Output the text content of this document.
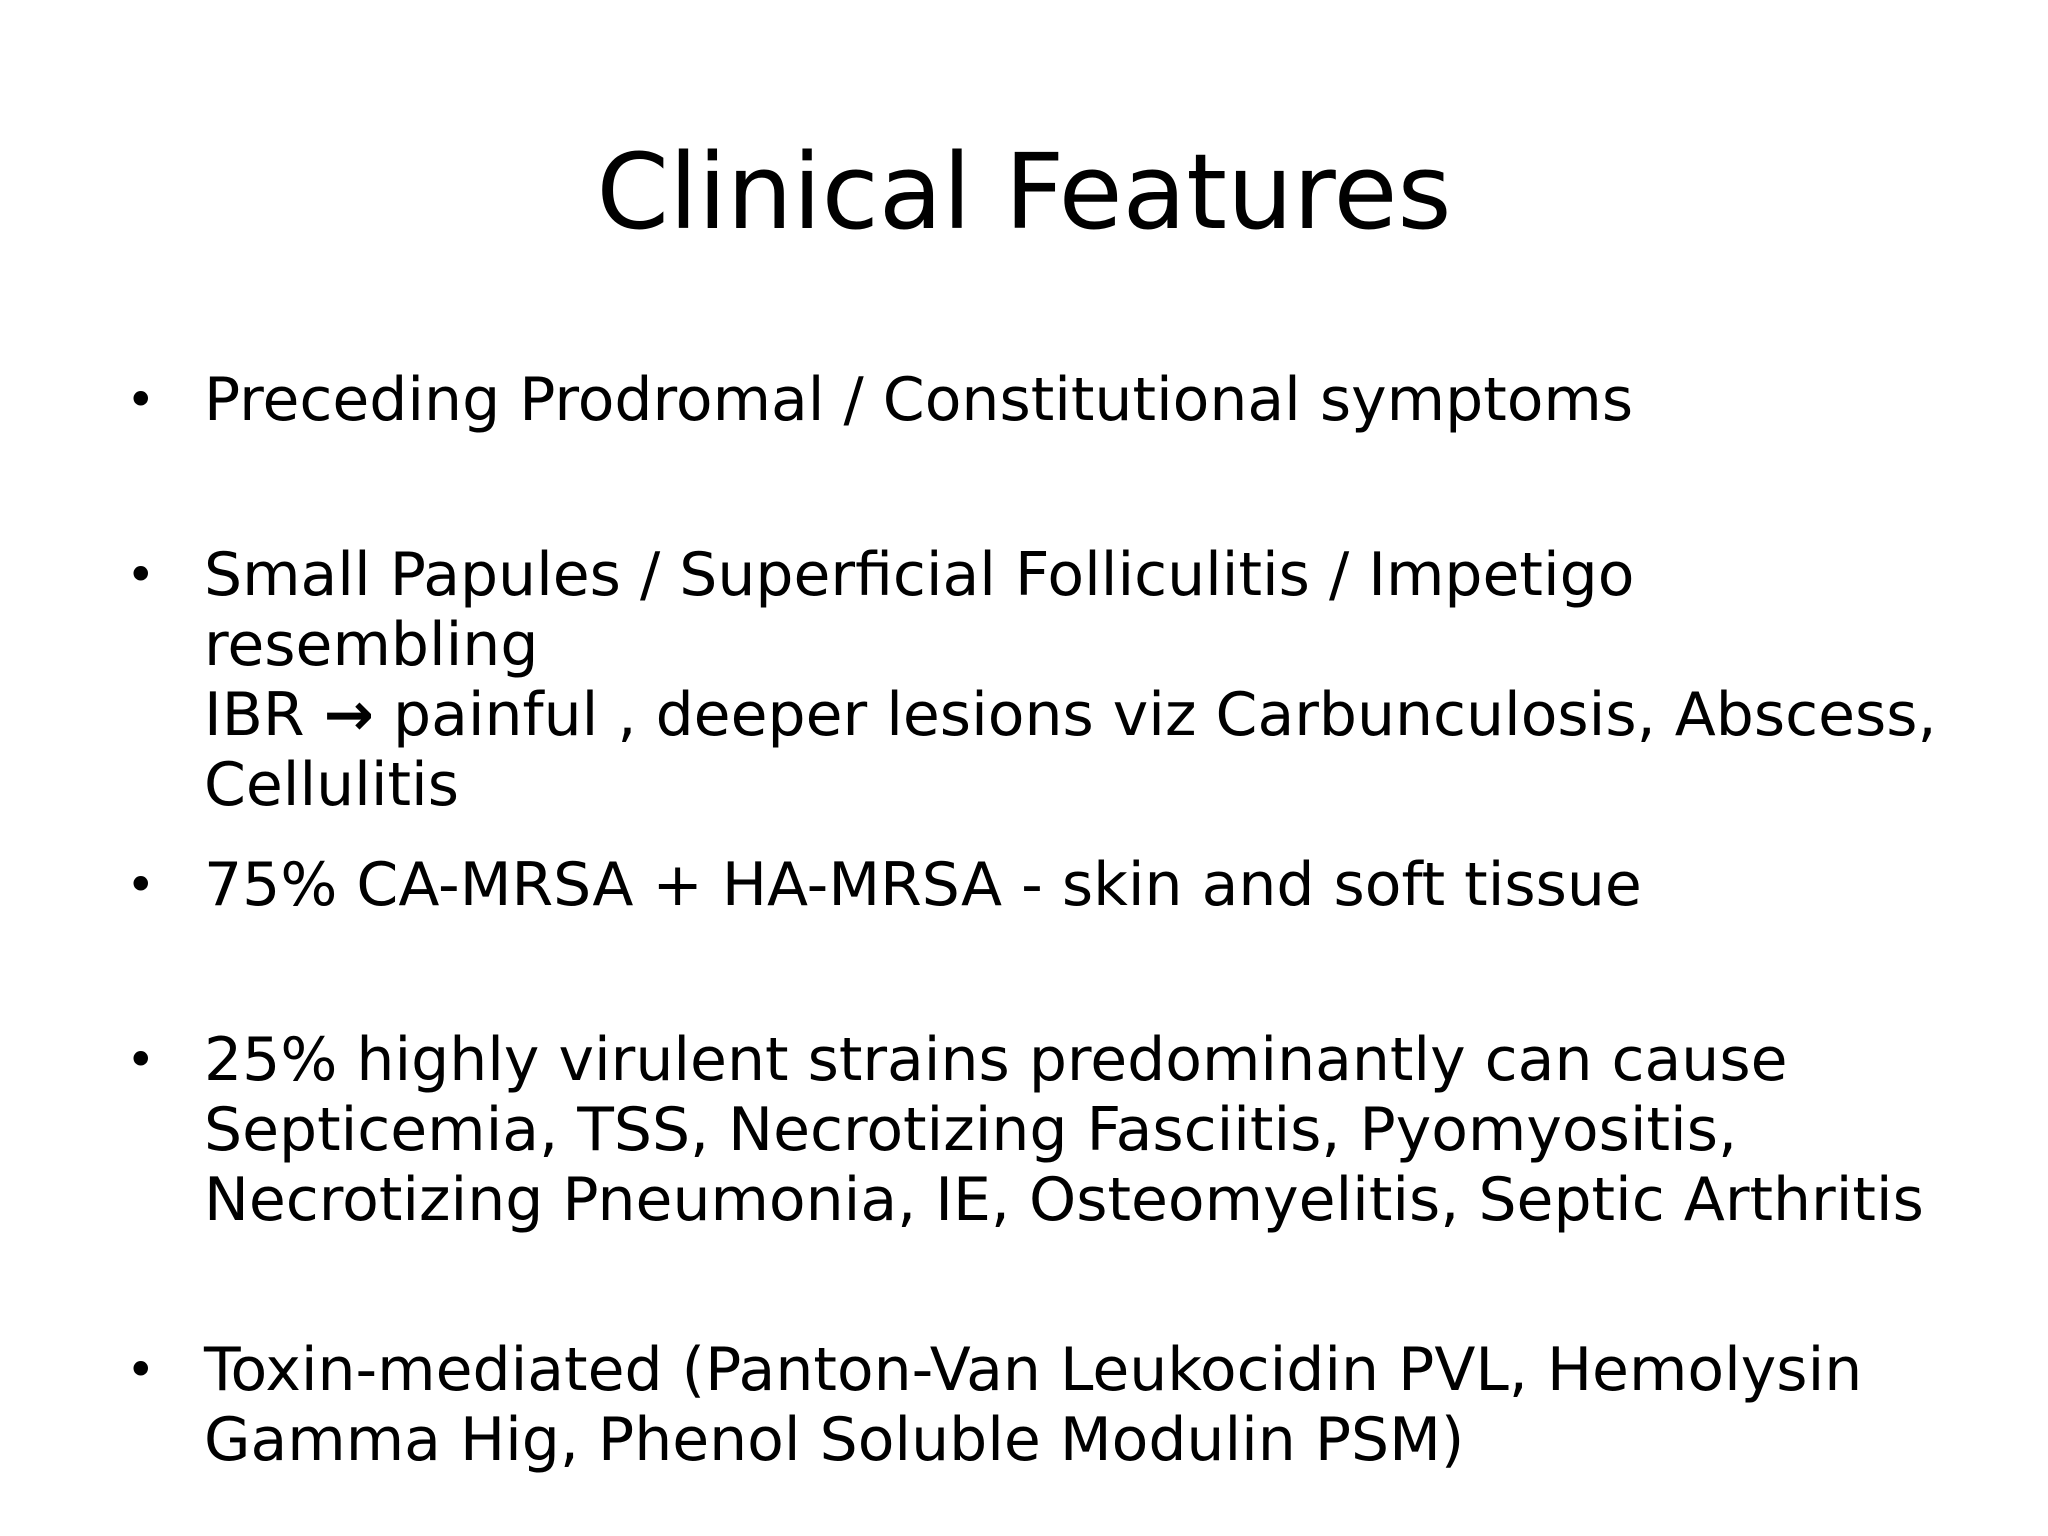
Clinical Features
• Preceding Prodromal / Constitutional symptoms
• Small Papules / Superficial Folliculitis / Impetigo resembling
IBR → painful , deeper lesions viz Carbunculosis, Abscess,
Cellulitis
• 75% CA-MRSA + HA-MRSA - skin and soft tissue
• 25% highly virulent strains predominantly can cause
Septicemia, TSS, Necrotizing Fasciitis, Pyomyositis,
Necrotizing Pneumonia, IE, Osteomyelitis, Septic Arthritis
• Toxin-mediated (Panton-Van Leukocidin PVL, Hemolysin
Gamma Hig, Phenol Soluble Modulin PSM)
